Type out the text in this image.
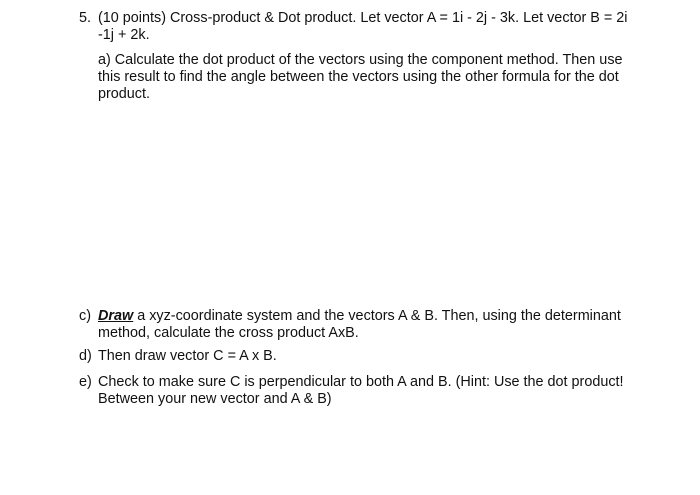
5. (10 points) Cross-product & Dot product. Let vector A = 1i - 2j - 3k. Let vector B = 2i -1j + 2k.
a) Calculate the dot product of the vectors using the component method. Then use this result to find the angle between the vectors using the other formula for the dot product.
c) Draw a xyz-coordinate system and the vectors A & B. Then, using the determinant method, calculate the cross product AxB.
d) Then draw vector C = A x B.
e) Check to make sure C is perpendicular to both A and B. (Hint: Use the dot product! Between your new vector and A & B)
